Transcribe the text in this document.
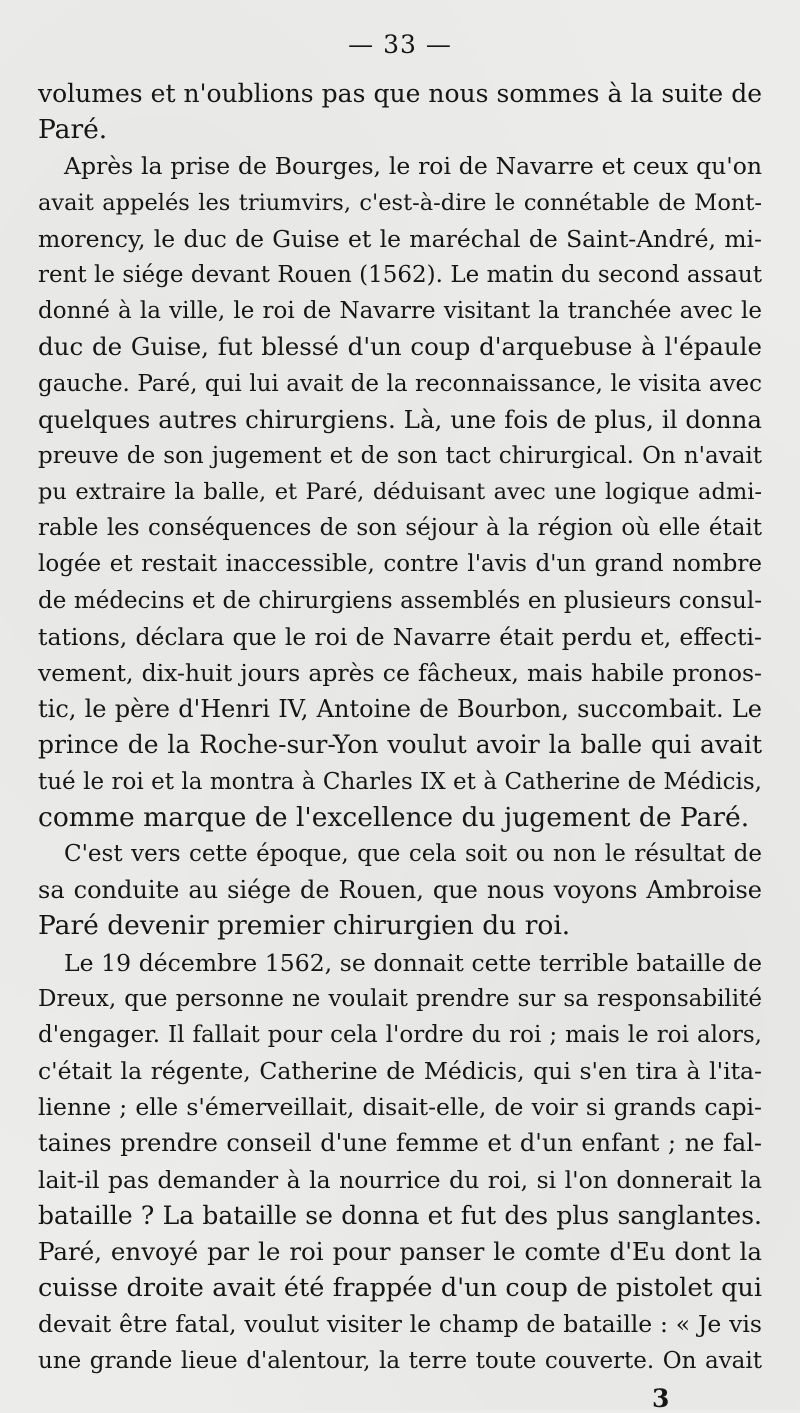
— 33 —
volumes et n'oublions pas que nous sommes à la suite de
Paré.
Après la prise de Bourges, le roi de Navarre et ceux qu'on
avait appelés les triumvirs, c'est-à-dire le connétable de Mont-
morency, le duc de Guise et le maréchal de Saint-André, mi-
rent le siége devant Rouen (1562). Le matin du second assaut
donné à la ville, le roi de Navarre visitant la tranchée avec le
duc de Guise, fut blessé d'un coup d'arquebuse à l'épaule
gauche. Paré, qui lui avait de la reconnaissance, le visita avec
quelques autres chirurgiens. Là, une fois de plus, il donna
preuve de son jugement et de son tact chirurgical. On n'avait
pu extraire la balle, et Paré, déduisant avec une logique admi-
rable les conséquences de son séjour à la région où elle était
logée et restait inaccessible, contre l'avis d'un grand nombre
de médecins et de chirurgiens assemblés en plusieurs consul-
tations, déclara que le roi de Navarre était perdu et, effecti-
vement, dix-huit jours après ce fâcheux, mais habile pronos-
tic, le père d'Henri IV, Antoine de Bourbon, succombait. Le
prince de la Roche-sur-Yon voulut avoir la balle qui avait
tué le roi et la montra à Charles IX et à Catherine de Médicis,
comme marque de l'excellence du jugement de Paré.
C'est vers cette époque, que cela soit ou non le résultat de
sa conduite au siége de Rouen, que nous voyons Ambroise
Paré devenir premier chirurgien du roi.
Le 19 décembre 1562, se donnait cette terrible bataille de
Dreux, que personne ne voulait prendre sur sa responsabilité
d'engager. Il fallait pour cela l'ordre du roi ; mais le roi alors,
c'était la régente, Catherine de Médicis, qui s'en tira à l'ita-
lienne ; elle s'émerveillait, disait-elle, de voir si grands capi-
taines prendre conseil d'une femme et d'un enfant ; ne fal-
lait-il pas demander à la nourrice du roi, si l'on donnerait la
bataille ? La bataille se donna et fut des plus sanglantes.
Paré, envoyé par le roi pour panser le comte d'Eu dont la
cuisse droite avait été frappée d'un coup de pistolet qui
devait être fatal, voulut visiter le champ de bataille : « Je vis
une grande lieue d'alentour, la terre toute couverte. On avait
3
